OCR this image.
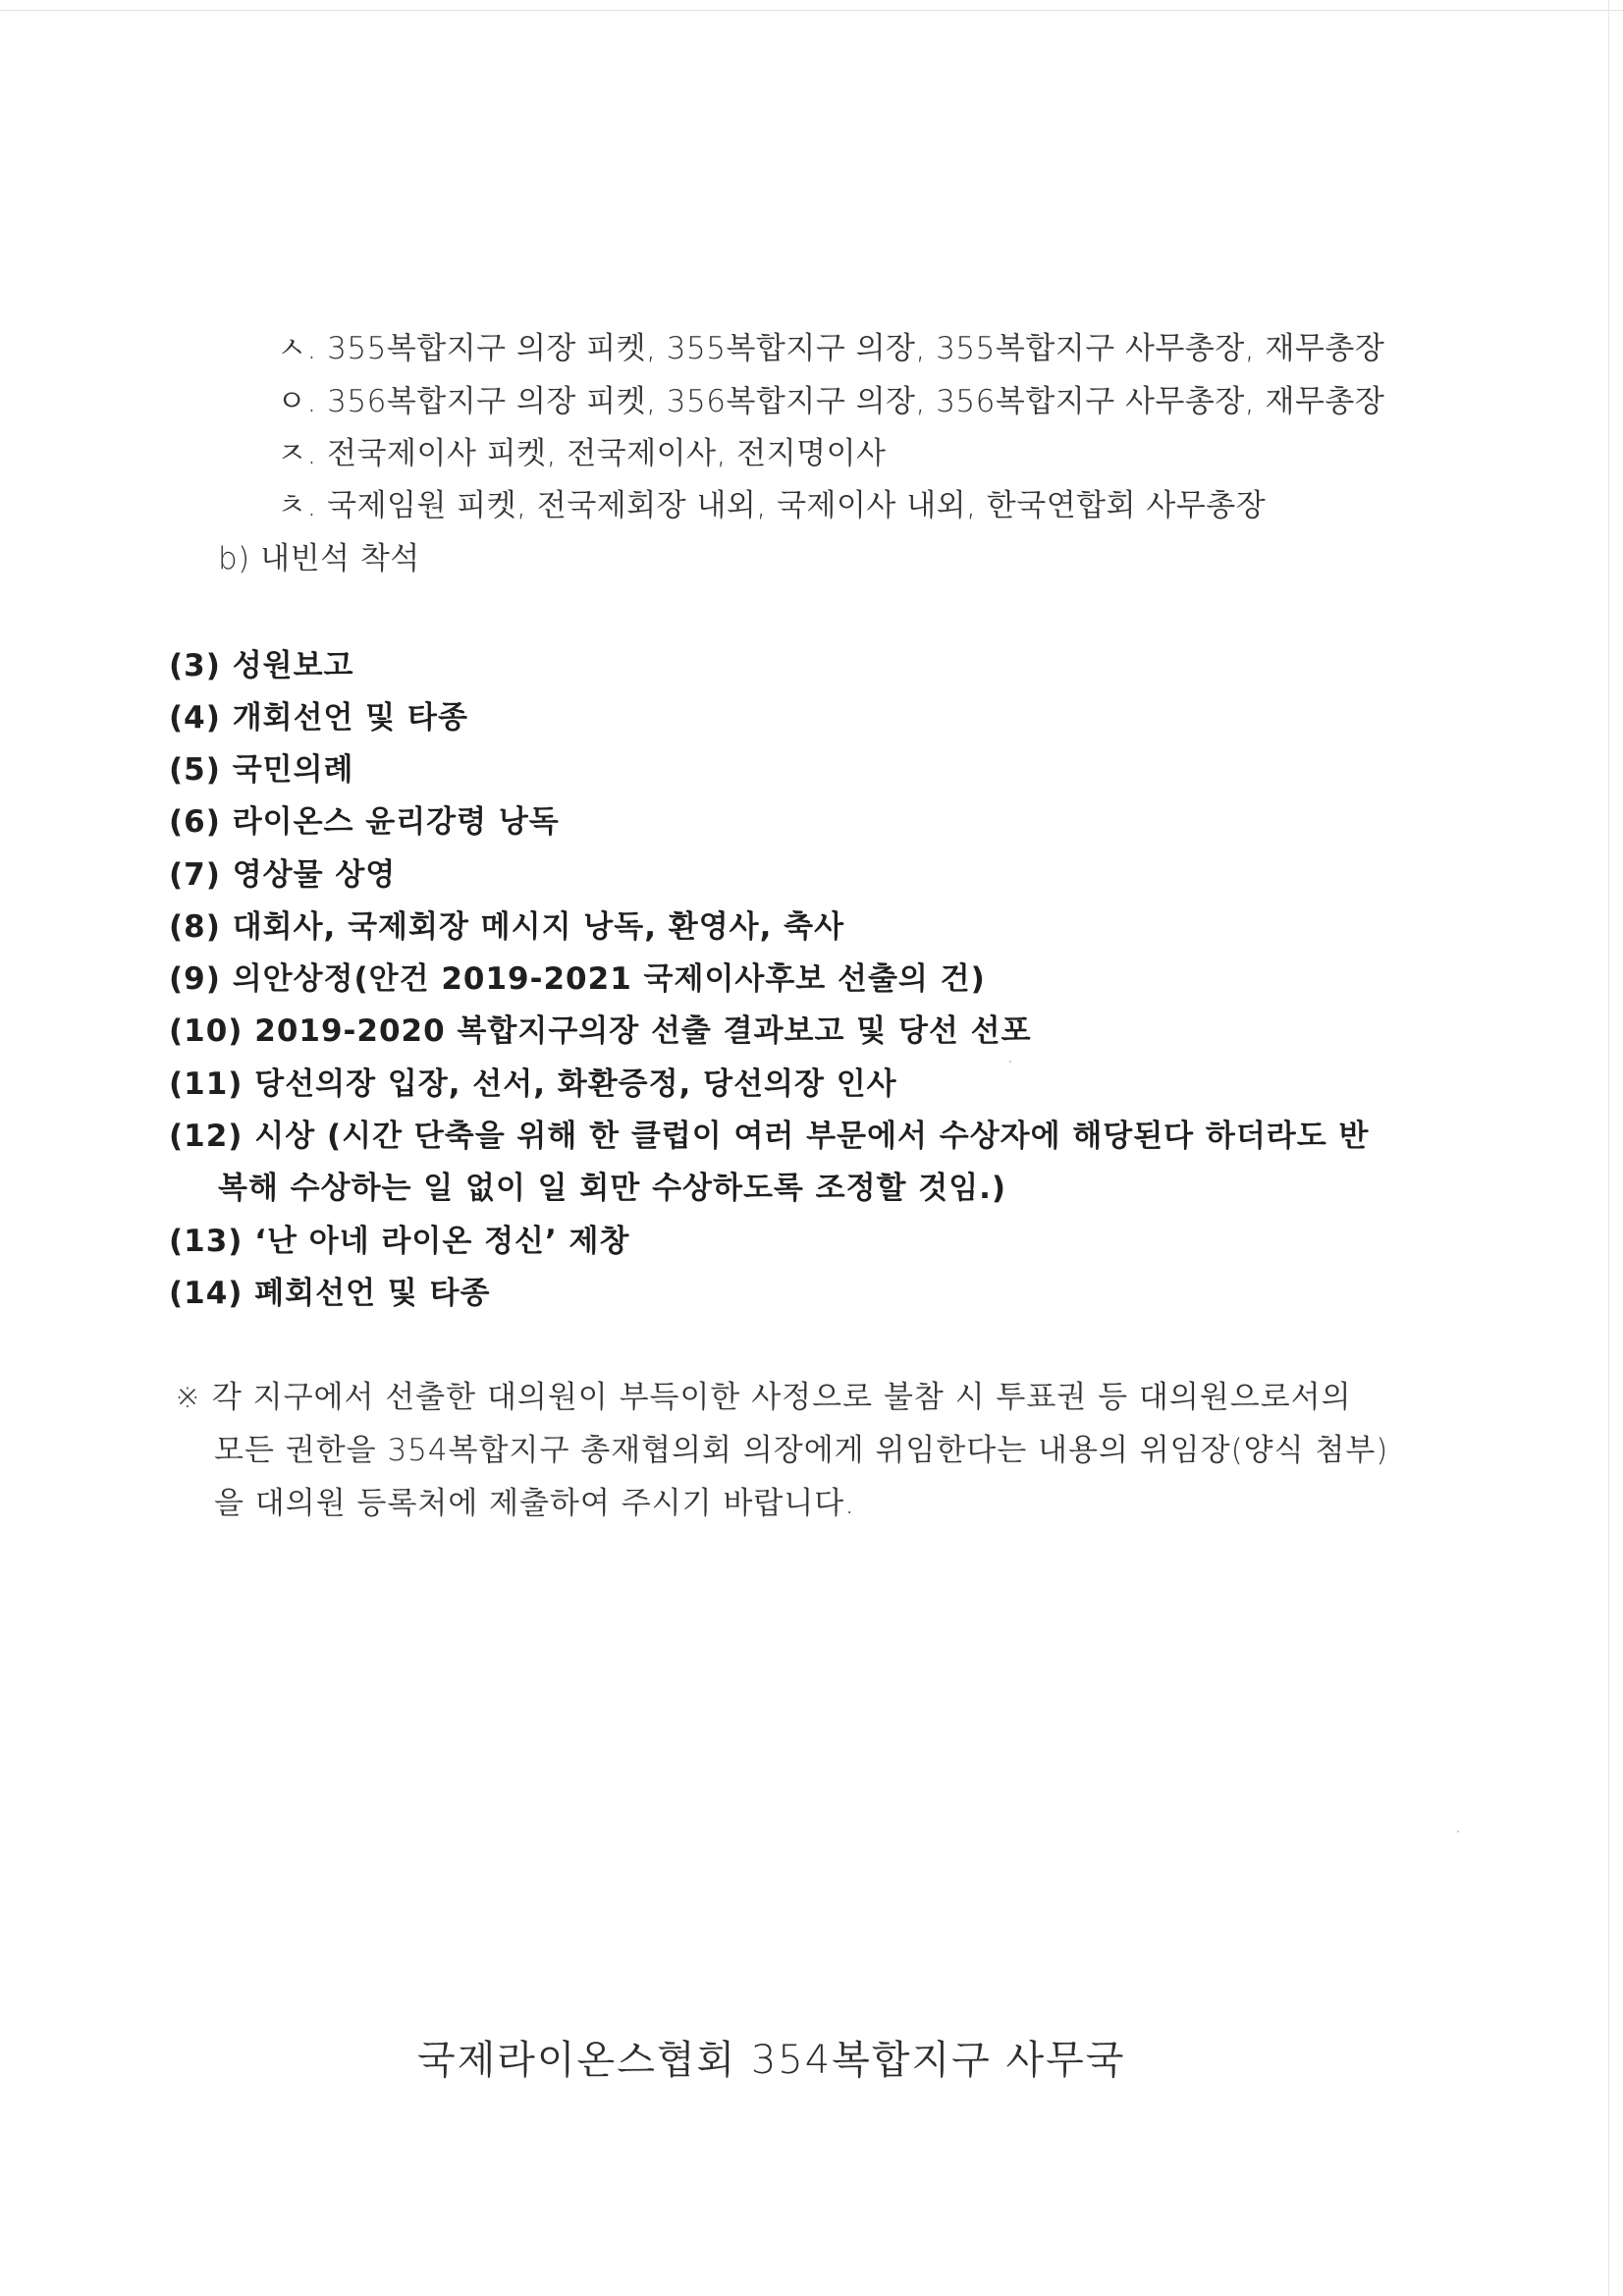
ㅅ. 355복합지구 의장 피켓, 355복합지구 의장, 355복합지구 사무총장, 재무총장
ㅇ. 356복합지구 의장 피켓, 356복합지구 의장, 356복합지구 사무총장, 재무총장
ㅈ. 전국제이사 피켓, 전국제이사, 전지명이사
ㅊ. 국제임원 피켓, 전국제회장 내외, 국제이사 내외, 한국연합회 사무총장
b) 내빈석 착석
(3) 성원보고
(4) 개회선언 및 타종
(5) 국민의례
(6) 라이온스 윤리강령 낭독
(7) 영상물 상영
(8) 대회사, 국제회장 메시지 낭독, 환영사, 축사
(9) 의안상정(안건 2019-2021 국제이사후보 선출의 건)
(10) 2019-2020 복합지구의장 선출 결과보고 및 당선 선포
(11) 당선의장 입장, 선서, 화환증정, 당선의장 인사
(12) 시상 (시간 단축을 위해 한 클럽이 여러 부문에서 수상자에 해당된다 하더라도 반
복해 수상하는 일 없이 일 회만 수상하도록 조정할 것임.)
(13) ‘난 아네 라이온 정신’ 제창
(14) 폐회선언 및 타종
※ 각 지구에서 선출한 대의원이 부득이한 사정으로 불참 시 투표권 등 대의원으로서의
모든 권한을 354복합지구 총재협의회 의장에게 위임한다는 내용의 위임장(양식 첨부)
을 대의원 등록처에 제출하여 주시기 바랍니다.
국제라이온스협회 354복합지구 사무국
